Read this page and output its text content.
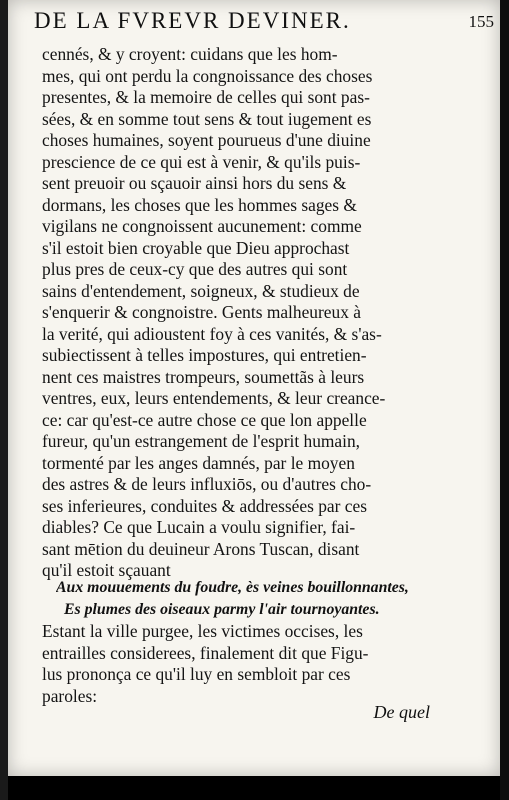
DE LA FVREVR DEVINER.	155
cennés, & y croyent: cuidans que les hom-
mes, qui ont perdu la congnoissance des choses
presentes, & la memoire de celles qui sont pas-
sées, & en somme tout sens & tout iugement es
choses humaines, soyent pourueus d'une diuine
prescience de ce qui est à venir, & qu'ils puis-
sent preuoir ou sçauoir ainsi hors du sens &
dormans, les choses que les hommes sages &
vigilans ne congnoissent aucunement: comme
s'il estoit bien croyable que Dieu approchast
plus pres de ceux-cy que des autres qui sont
sains d'entendement, soigneux, & studieux de
s'enquerir & congnoistre. Gents malheureux à
la verité, qui adioustent foy à ces vanités, & s'as-
subiectissent à telles impostures, qui entretien-
nent ces maistres trompeurs, soumettãs à leurs
ventres, eux, leurs entendements, & leur creance-
ce: car qu'est-ce autre chose ce que lon appelle
fureur, qu'un estrangement de l'esprit humain,
tormenté par les anges damnés, par le moyen
des astres & de leurs influxiōs, ou d'autres cho-
ses inferieures, conduites & addressées par ces
diables? Ce que Lucain a voulu signifier, fai-
sant mētion du deuineur Arons Tuscan, disant
qu'il estoit sçauant
Aux mouuements du foudre, ès veines bouillonnantes,
Es plumes des oiseaux parmy l'air tournoyantes.
Estant la ville purgee, les victimes occises, les
entrailles considerees, finalement dit que Figu-
lus prononça ce qu'il luy en sembloit par ces
paroles:
De quel
